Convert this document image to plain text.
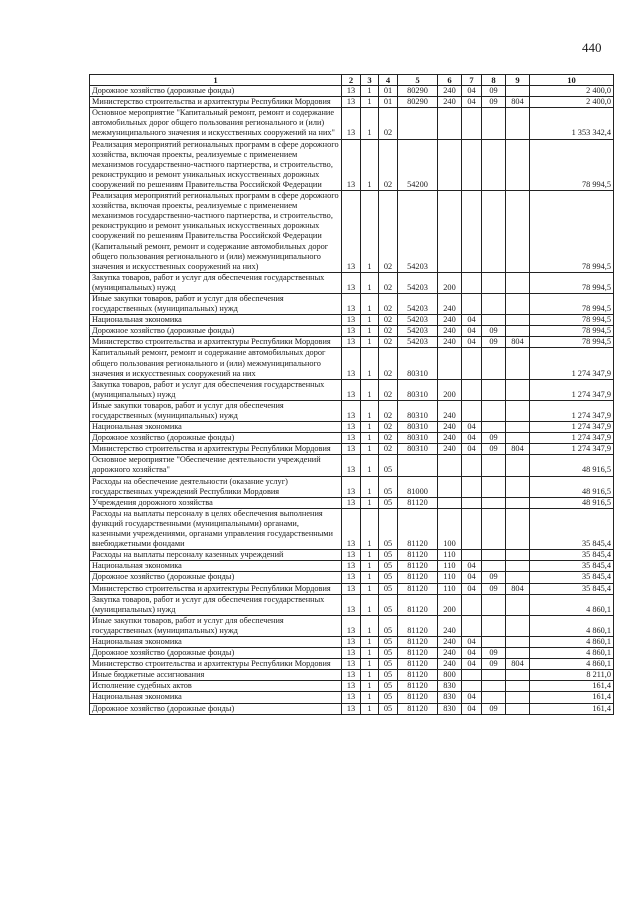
440
1	2	3	4	5	6	7	8	9	10
Дорожное хозяйство (дорожные фонды)	13	1	01	80290	240	04	09		2 400,0
Министерство строительства и архитектуры Республики Мордовия	13	1	01	80290	240	04	09	804	2 400,0
Основное мероприятие "Капитальный ремонт, ремонт и содержание автомобильных дорог общего пользования регионального и (или) межмуниципального значения и искусственных сооружений на них"	13	1	02						1 353 342,4
Реализация мероприятий региональных программ в сфере дорожного хозяйства, включая проекты, реализуемые с применением механизмов государственно-частного партнерства, и строительство, реконструкцию и ремонт уникальных искусственных дорожных сооружений по решениям Правительства Российской Федерации	13	1	02	54200					78 994,5
Реализация мероприятий региональных программ в сфере дорожного хозяйства, включая проекты, реализуемые с применением механизмов государственно-частного партнерства, и строительство, реконструкцию и ремонт уникальных искусственных дорожных сооружений по решениям Правительства Российской Федерации (Капитальный ремонт, ремонт и содержание автомобильных дорог общего пользования регионального и (или) межмуниципального значения и искусственных сооружений на них)	13	1	02	54203					78 994,5
Закупка товаров, работ и услуг для обеспечения государственных (муниципальных) нужд	13	1	02	54203	200				78 994,5
Иные закупки товаров, работ и услуг для обеспечения государственных (муниципальных) нужд	13	1	02	54203	240				78 994,5
Национальная экономика	13	1	02	54203	240	04			78 994,5
Дорожное хозяйство (дорожные фонды)	13	1	02	54203	240	04	09		78 994,5
Министерство строительства и архитектуры Республики Мордовия	13	1	02	54203	240	04	09	804	78 994,5
Капитальный ремонт, ремонт и содержание автомобильных дорог общего пользования регионального и (или) межмуниципального значения и искусственных сооружений на них	13	1	02	80310					1 274 347,9
Закупка товаров, работ и услуг для обеспечения государственных (муниципальных) нужд	13	1	02	80310	200				1 274 347,9
Иные закупки товаров, работ и услуг для обеспечения государственных (муниципальных) нужд	13	1	02	80310	240				1 274 347,9
Национальная экономика	13	1	02	80310	240	04			1 274 347,9
Дорожное хозяйство (дорожные фонды)	13	1	02	80310	240	04	09		1 274 347,9
Министерство строительства и архитектуры Республики Мордовия	13	1	02	80310	240	04	09	804	1 274 347,9
Основное мероприятие "Обеспечение деятельности учреждений дорожного хозяйства"	13	1	05						48 916,5
Расходы на обеспечение деятельности (оказание услуг) государственных учреждений Республики Мордовия	13	1	05	81000					48 916,5
Учреждения дорожного хозяйства	13	1	05	81120					48 916,5
Расходы на выплаты персоналу в целях обеспечения выполнения функций государственными (муниципальными) органами, казенными учреждениями, органами управления государственными внебюджетными фондами	13	1	05	81120	100				35 845,4
Расходы на выплаты персоналу казенных учреждений	13	1	05	81120	110				35 845,4
Национальная экономика	13	1	05	81120	110	04			35 845,4
Дорожное хозяйство (дорожные фонды)	13	1	05	81120	110	04	09		35 845,4
Министерство строительства и архитектуры Республики Мордовия	13	1	05	81120	110	04	09	804	35 845,4
Закупка товаров, работ и услуг для обеспечения государственных (муниципальных) нужд	13	1	05	81120	200				4 860,1
Иные закупки товаров, работ и услуг для обеспечения государственных (муниципальных) нужд	13	1	05	81120	240				4 860,1
Национальная экономика	13	1	05	81120	240	04			4 860,1
Дорожное хозяйство (дорожные фонды)	13	1	05	81120	240	04	09		4 860,1
Министерство строительства и архитектуры Республики Мордовия	13	1	05	81120	240	04	09	804	4 860,1
Иные бюджетные ассигнования	13	1	05	81120	800				8 211,0
Исполнение судебных актов	13	1	05	81120	830				161,4
Национальная экономика	13	1	05	81120	830	04			161,4
Дорожное хозяйство (дорожные фонды)	13	1	05	81120	830	04	09		161,4
